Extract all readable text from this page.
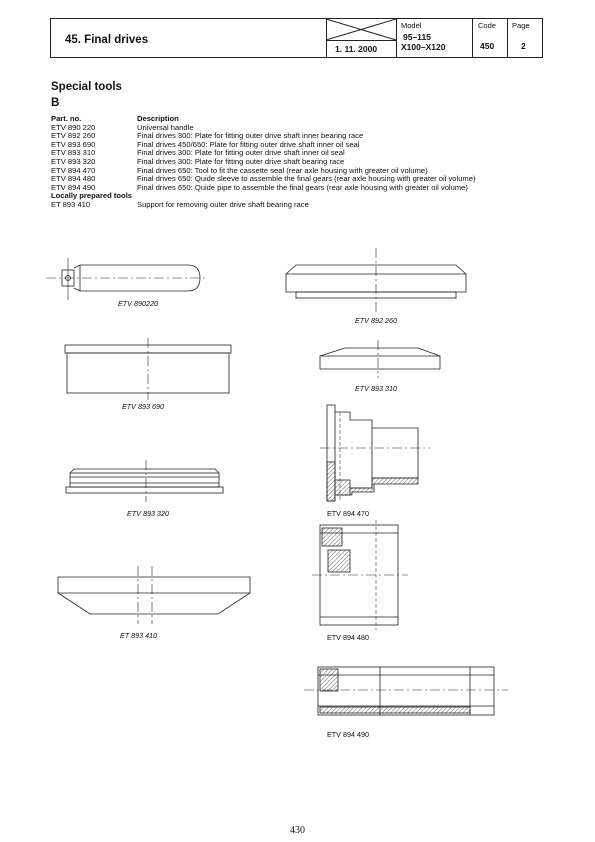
45. Final drives
1. 11. 2000
Model
95–115
X100–X120
Code
450
Page
2
Special tools
B
Part. no.	Description
ETV 890 220	Universal handle
ETV 892 260	Final drives 300: Plate for fitting outer drive shaft inner bearing race
ETV 893 690	Final drives 450/650: Plate for fitting outer drive shaft inner oil seal
ETV 893 310	Final drives 300: Plate for fitting outer drive shaft inner oil seal
ETV 893 320	Final drives 300: Plate for fitting outer drive shaft bearing race
ETV 894 470	Final drives 650: Tool to fit the cassette seal (rear axle housing with greater oil volume)
ETV 894 480	Final drives 650: Quide sleeve to assemble the final gears (rear axle housing with greater oil volume)
ETV 894 490	Final drives 650: Quide pipe to assemble the final gears (rear axle housing with greater oil volume)
Locally prepared tools
ET 893 410	Support for removing outer drive shaft bearing race
ETV 890220
ETV 892 260
ETV 893 310
ETV 893 690
ETV 894 470
ETV 893 320
ETV 894 480
ET 893 410
ETV 894 490
430
